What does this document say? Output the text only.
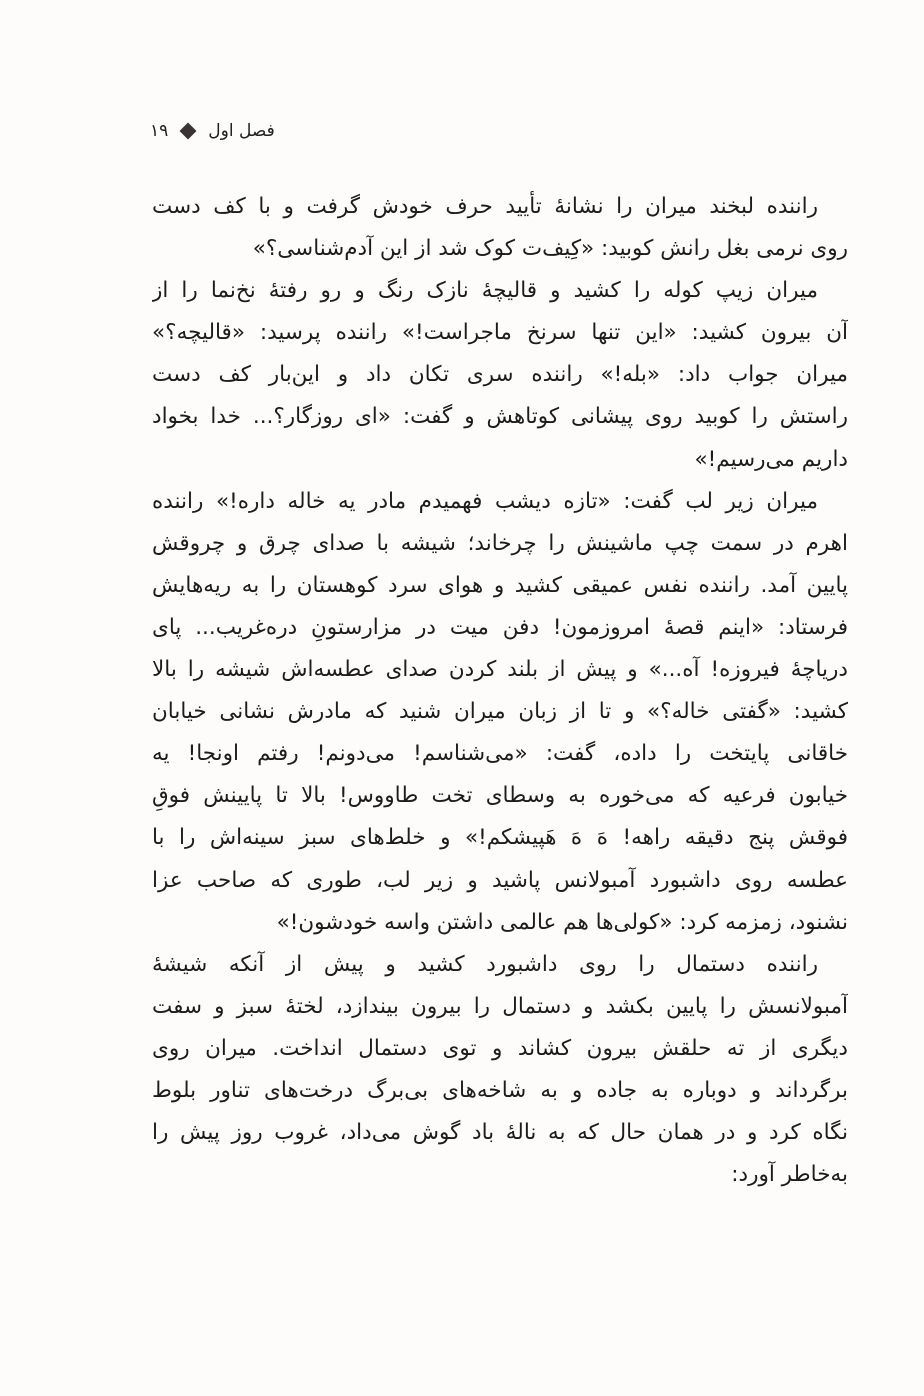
۱۹ فصل اول
راننده لبخند میران را نشانهٔ تأیید حرف خودش گرفت و با کف دست
روی نرمی بغل رانش کوبید: «کِیف‌ت کوک شد از این آدم‌شناسی؟»
میران زیپ کوله را کشید و قالیچهٔ نازک رنگ و رو رفتهٔ نخ‌نما را از
آن بیرون کشید: «این تنها سرنخ ماجراست!» راننده پرسید: «قالیچه؟»
میران جواب داد: «بله!» راننده سری تکان داد و این‌بار کف دست
راستش را کوبید روی پیشانی کوتاهش و گفت: «ای روزگار؟... خدا بخواد
داریم می‌رسیم!»
میران زیر لب گفت: «تازه دیشب فهمیدم مادر یه خاله داره!» راننده
اهرم در سمت چپ ماشینش را چرخاند؛ شیشه با صدای چرق و چروقش
پایین آمد. راننده نفس عمیقی کشید و هوای سرد کوهستان را به ریه‌هایش
فرستاد: «اینم قصهٔ امروزمون! دفن میت در مزارستونِ دره‌غریب... پای
دریاچهٔ فیروزه! آه...» و پیش از بلند کردن صدای عطسه‌اش شیشه را بالا
کشید: «گفتی خاله؟» و تا از زبان میران شنید که مادرش نشانی خیابان
خاقانی پایتخت را داده، گفت: «می‌شناسم! می‌دونم! رفتم اونجا! یه
خیابون فرعیه که می‌خوره به وسطای تخت طاووس! بالا تا پایینش فوقِ
فوقش پنج دقیقه راهه! هَ هَ هَپیشکم!» و خلط‌های سبز سینه‌اش را با
عطسه روی داشبورد آمبولانس پاشید و زیر لب، طوری که صاحب عزا
نشنود، زمزمه کرد: «کولی‌ها هم عالمی داشتن واسه خودشون!»
راننده دستمال را روی داشبورد کشید و پیش از آنکه شیشهٔ
آمبولانسش را پایین بکشد و دستمال را بیرون بیندازد، لختهٔ سبز و سفت
دیگری از ته حلقش بیرون کشاند و توی دستمال انداخت. میران روی
برگرداند و دوباره به جاده و به شاخه‌های بی‌برگ درخت‌های تناور بلوط
نگاه کرد و در همان حال که به نالهٔ باد گوش می‌داد، غروب روز پیش را
به‌خاطر آورد:
